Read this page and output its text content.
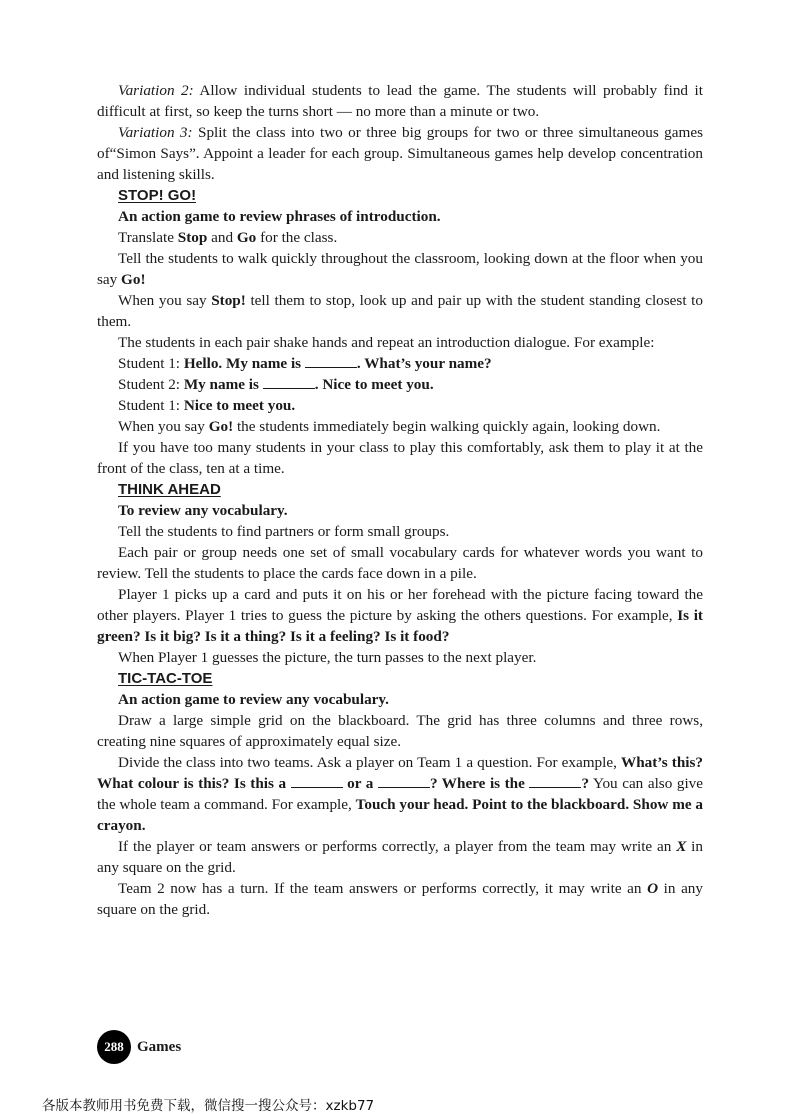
Variation 2: Allow individual students to lead the game. The students will probably find it difficult at first, so keep the turns short — no more than a minute or two.

Variation 3: Split the class into two or three big groups for two or three simultaneous games of“Simon Says”. Appoint a leader for each group. Simultaneous games help develop concentration and listening skills.

STOP! GO!

An action game to review phrases of introduction.

Translate Stop and Go for the class.

Tell the students to walk quickly throughout the classroom, looking down at the floor when you say Go!

When you say Stop! tell them to stop, look up and pair up with the student standing closest to them.

The students in each pair shake hands and repeat an introduction dialogue. For example:

Student 1: Hello. My name is	. What’s your name?

Student 2: My name is	. Nice to meet you.

Student 1: Nice to meet you.

When you say Go! the students immediately begin walking quickly again, looking down.

If you have too many students in your class to play this comfortably, ask them to play it at the front of the class, ten at a time.

THINK AHEAD

To review any vocabulary.

Tell the students to find partners or form small groups.

Each pair or group needs one set of small vocabulary cards for whatever words you want to review. Tell the students to place the cards face down in a pile.

Player 1 picks up a card and puts it on his or her forehead with the picture facing toward the other players. Player 1 tries to guess the picture by asking the others questions. For example, Is it green? Is it big? Is it a thing? Is it a feeling? Is it food?

When Player 1 guesses the picture, the turn passes to the next player.

TIC-TAC-TOE

An action game to review any vocabulary.

Draw a large simple grid on the blackboard. The grid has three columns and three rows, creating nine squares of approximately equal size.

Divide the class into two teams. Ask a player on Team 1 a question. For example, What’s this?What colour is this? Is this a	or a	? Where is the	? You can also give the whole team a command. For example, Touch your head. Point to the blackboard. Show me a crayon.

If the player or team answers or performs correctly, a player from the team may write an X in any square on the grid.

Team 2 now has a turn. If the team answers or performs correctly, it may write an O in any square on the grid.

288 Games
各版本教师用书免费下载，微信搜一搜公众号：xzkb77
